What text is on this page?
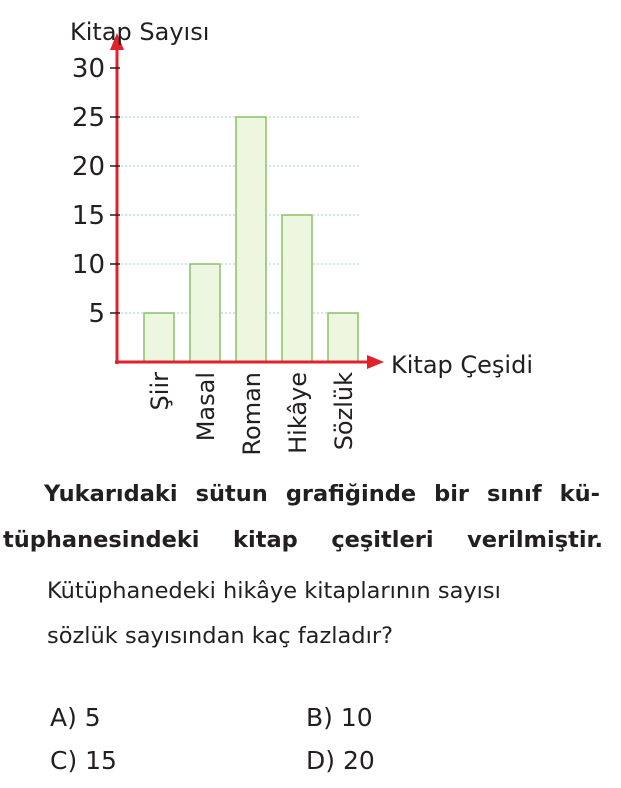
5
10
15
20
25
30
Şiir Masal Roman Hikâye Sözlük
Kitap Sayısı
Kitap Çeşidi
Yukarıdaki sütun grafiğinde bir sınıf kü-
tüphanesindeki kitap çeşitleri verilmiştir.
Kütüphanedeki hikâye kitaplarının sayısı
sözlük sayısından kaç fazladır?
A) 5	B) 10
C) 15	D) 20
